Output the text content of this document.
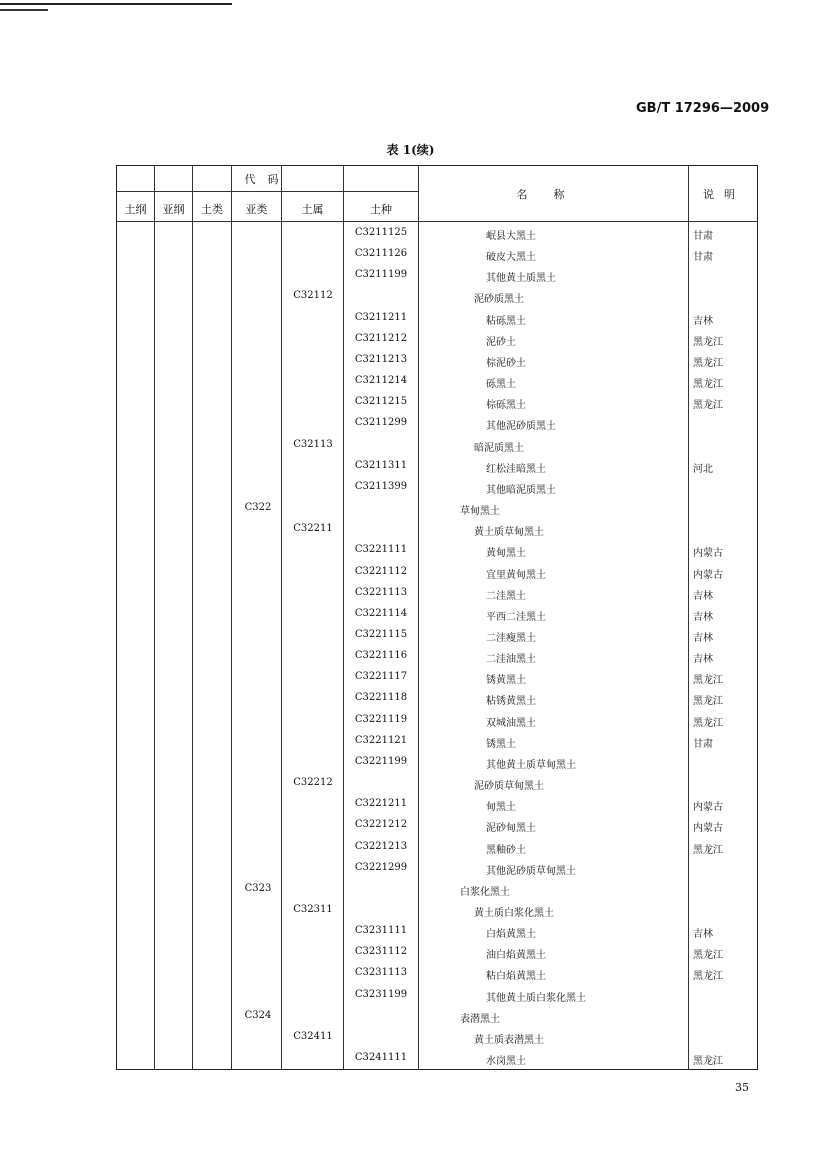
GB/T 17296—2009
表 1(续)
代码
土纲	亚纲	土类	亚类	土属	土种
名称	说明
C3211125	岷县大黑土	甘肃
C3211126	破皮大黑土	甘肃
C3211199	其他黄土质黑土
C32112	泥砂质黑土
C3211211	粘砾黑土	吉林
C3211212	泥砂土	黑龙江
C3211213	棕泥砂土	黑龙江
C3211214	砾黑土	黑龙江
C3211215	棕砾黑土	黑龙江
C3211299	其他泥砂质黑土
C32113	暗泥质黑土
C3211311	红松洼暗黑土	河北
C3211399	其他暗泥质黑土
C322	草甸黑土
C32211	黄土质草甸黑土
C3221111	黄甸黑土	内蒙古
C3221112	宜里黄甸黑土	内蒙古
C3221113	二洼黑土	吉林
C3221114	平西二洼黑土	吉林
C3221115	二洼瘦黑土	吉林
C3221116	二洼油黑土	吉林
C3221117	锈黄黑土	黑龙江
C3221118	粘锈黄黑土	黑龙江
C3221119	双城油黑土	黑龙江
C3221121	锈黑土	甘肃
C3221199	其他黄土质草甸黑土
C32212	泥砂质草甸黑土
C3221211	甸黑土	内蒙古
C3221212	泥砂甸黑土	内蒙古
C3221213	黑釉砂土	黑龙江
C3221299	其他泥砂质草甸黑土
C323	白浆化黑土
C32311	黄土质白浆化黑土
C3231111	白焰黄黑土	吉林
C3231112	油白焰黄黑土	黑龙江
C3231113	粘白焰黄黑土	黑龙江
C3231199	其他黄土质白浆化黑土
C324	表潜黑土
C32411	黄土质表潜黑土
C3241111	水岗黑土	黑龙江
35
